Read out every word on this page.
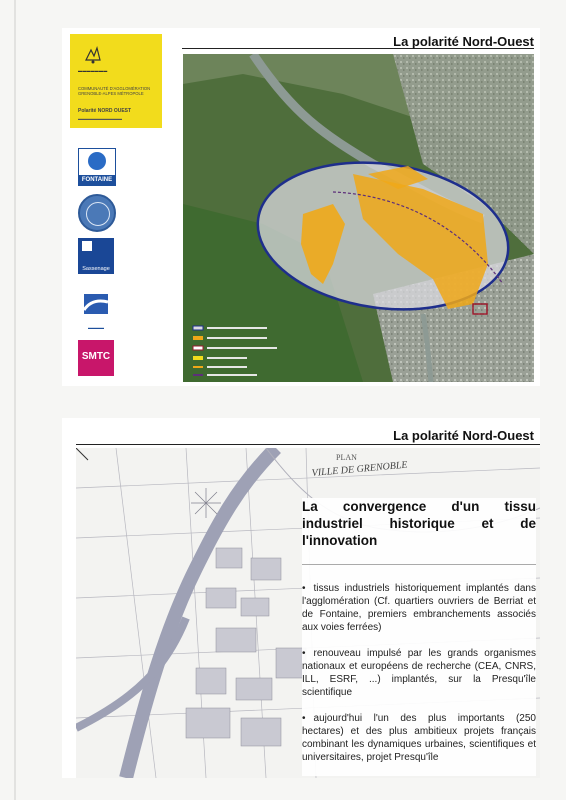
La polarité Nord-Ouest
▬▬▬▬▬▬▬
COMMUNAUTÉ D'AGGLOMÉRATION GRENOBLE-ALPES MÉTROPOLE
Polarité NORD OUEST
▬▬▬▬▬▬▬▬▬▬▬
FONTAINE
Sassenage
▬▬▬▬
SMTC
La polarité Nord-Ouest
PLAN
VILLE DE GRENOBLE
La convergence d'un tissu industriel historique et de l'innovation
• tissus industriels historiquement implantés dans l'agglomération (Cf. quartiers ouvriers de Berriat et de Fontaine, premiers embranchements associés aux voies ferrées)
• renouveau impulsé par les grands organismes nationaux et européens de recherche (CEA, CNRS, ILL, ESRF, ...) implantés, sur la Presqu'île scientifique
• aujourd'hui l'un des plus importants (250 hectares) et des plus ambitieux projets français combinant les dynamiques urbaines, scientifiques et universitaires, projet Presqu'île
